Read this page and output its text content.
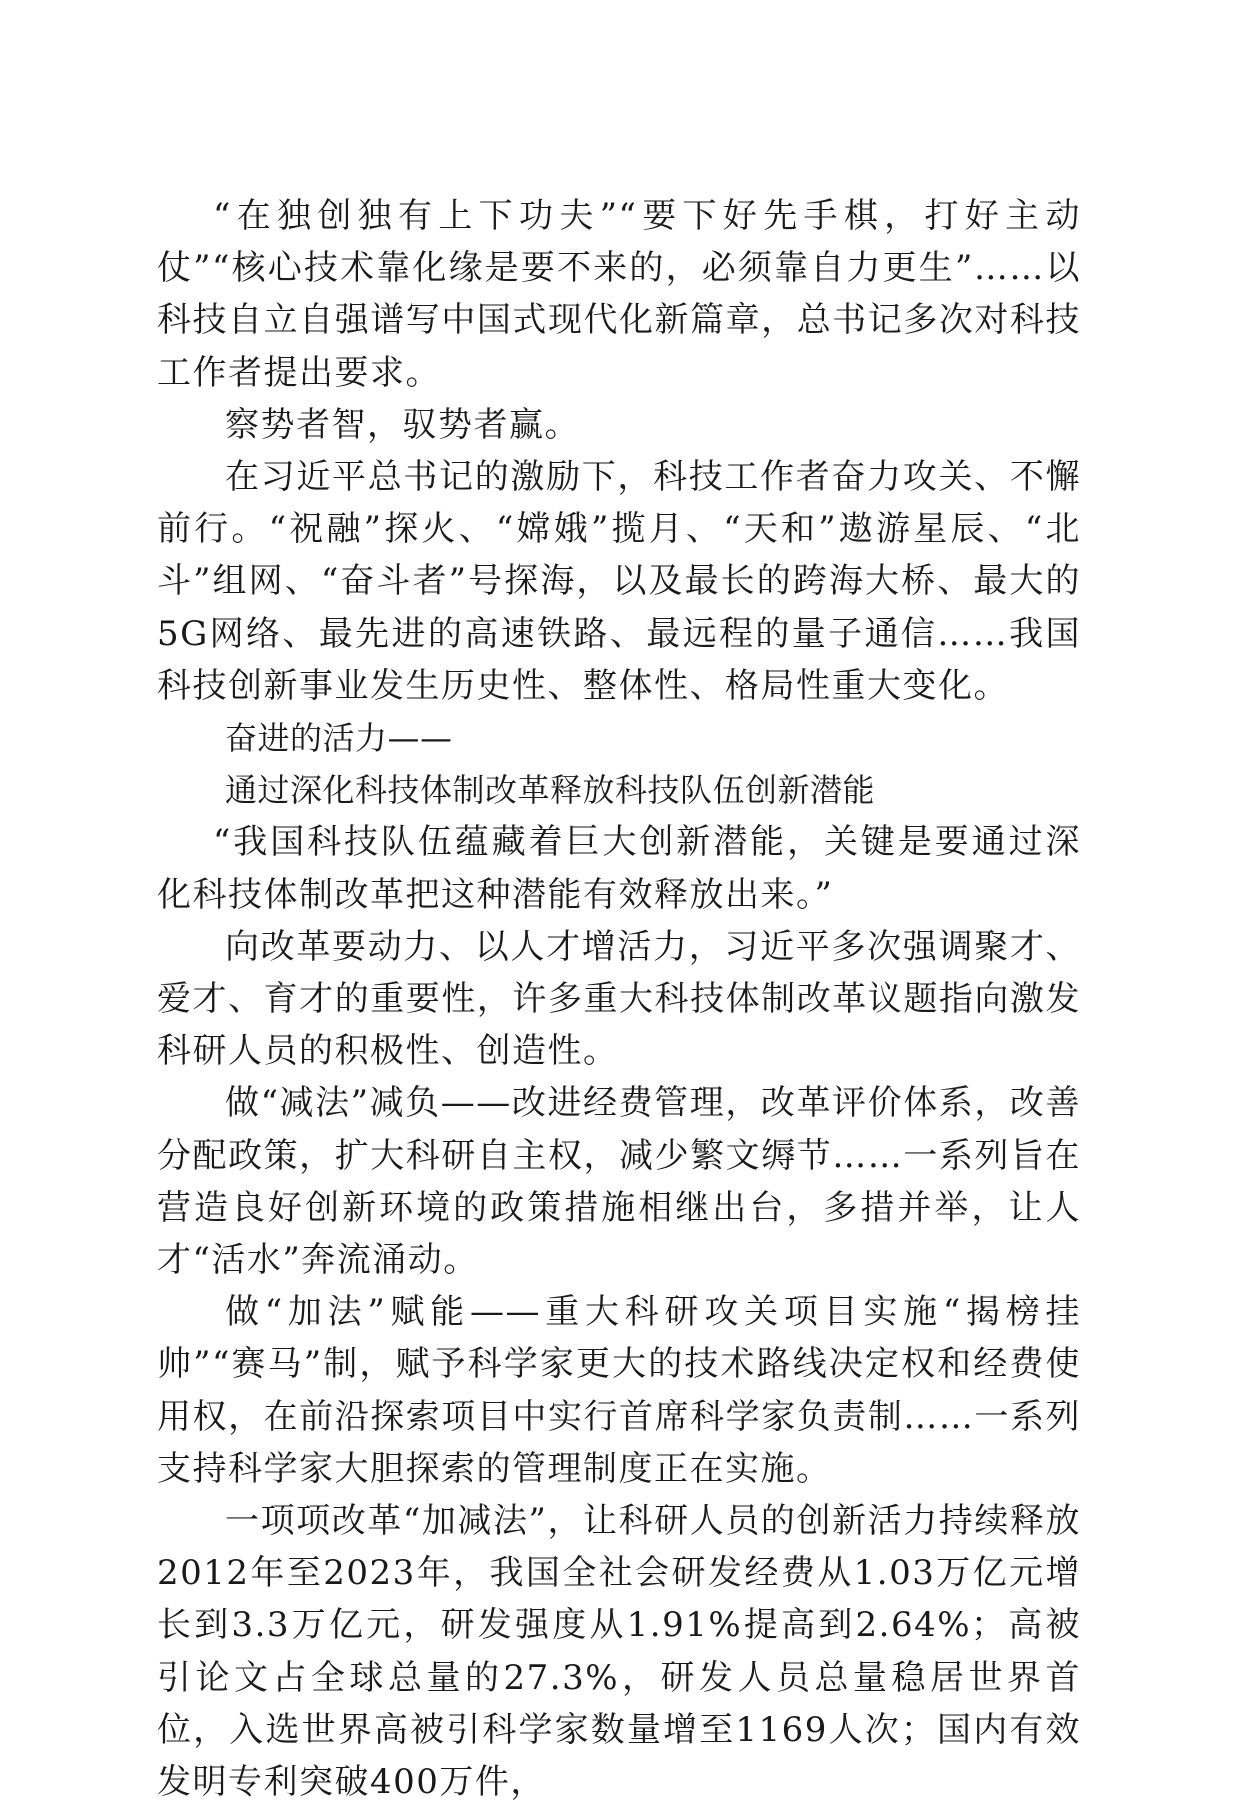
“在独创独有上下功夫”“要下好先手棋，打好主动仗”“核心技术靠化缘是要不来的，必须靠自力更生”……以科技自立自强谱写中国式现代化新篇章，总书记多次对科技工作者提出要求。

察势者智，驭势者赢。

在习近平总书记的激励下，科技工作者奋力攻关、不懈前行。“祝融”探火、“嫦娥”揽月、“天和”遨游星辰、“北斗”组网、“奋斗者”号探海，以及最长的跨海大桥、最大的5G网络、最先进的高速铁路、最远程的量子通信……我国科技创新事业发生历史性、整体性、格局性重大变化。

奋进的活力——

通过深化科技体制改革释放科技队伍创新潜能

“我国科技队伍蕴藏着巨大创新潜能，关键是要通过深化科技体制改革把这种潜能有效释放出来。”

向改革要动力、以人才增活力，习近平多次强调聚才、爱才、育才的重要性，许多重大科技体制改革议题指向激发科研人员的积极性、创造性。

做“减法”减负——改进经费管理，改革评价体系，改善分配政策，扩大科研自主权，减少繁文缛节……一系列旨在营造良好创新环境的政策措施相继出台，多措并举，让人才“活水”奔流涌动。

做“加法”赋能——重大科研攻关项目实施“揭榜挂帅”“赛马”制，赋予科学家更大的技术路线决定权和经费使用权，在前沿探索项目中实行首席科学家负责制……一系列支持科学家大胆探索的管理制度正在实施。

一项项改革“加减法”，让科研人员的创新活力持续释放2012年至2023年，我国全社会研发经费从1.03万亿元增长到3.3万亿元，研发强度从1.91%提高到2.64%；高被引论文占全球总量的27.3%，研发人员总量稳居世界首位，入选世界高被引科学家数量增至1169人次；国内有效发明专利突破400万件，
